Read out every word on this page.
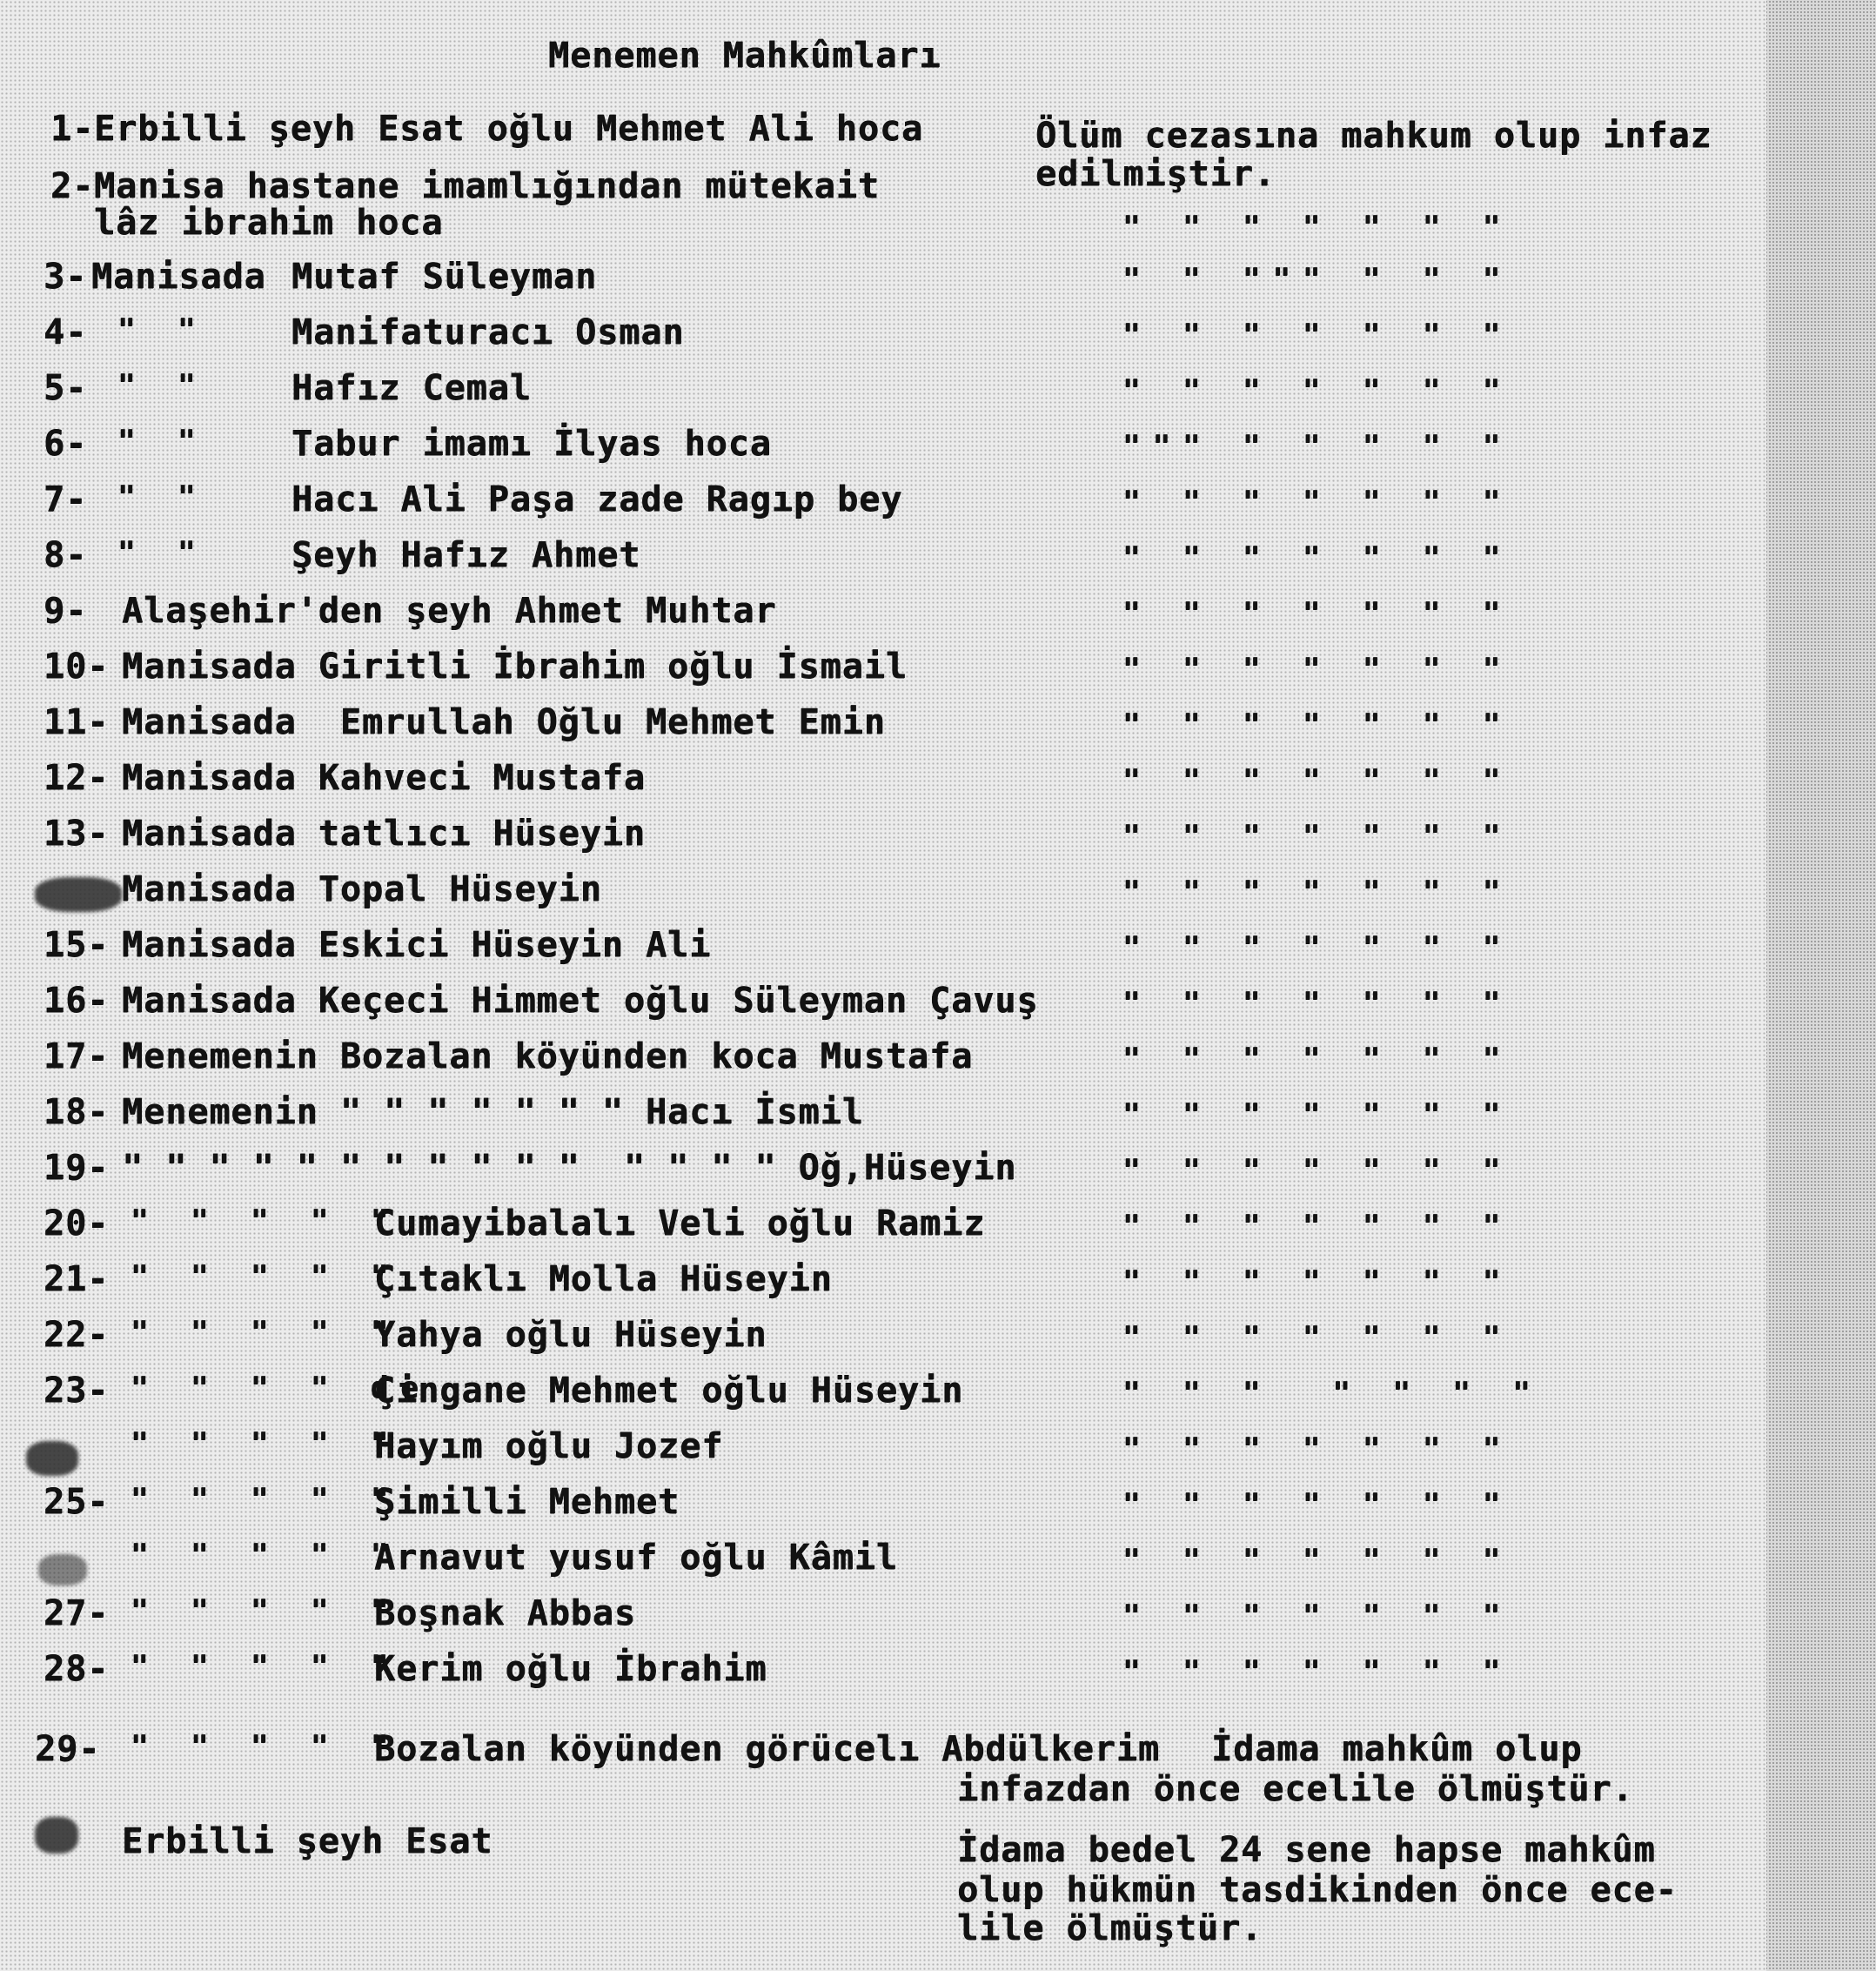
Menemen Mahkûmları
1- Erbilli şeyh Esat oğlu Mehmet Ali hoca	Ölüm cezasına mahkum olup infaz
edilmiştir.
2- Manisa hastane imamlığından mütekait
lâz ibrahim hoca	" " " " " " "
3- Manisada Mutaf Süleyman	" " """ " " "
4- " " Manifaturacı Osman	" " " " " " "
5- " " Hafız Cemal	" " " " " " "
6- " " Tabur imamı İlyas hoca	""" " " " " "
7- " " Hacı Ali Paşa zade Ragıp bey	" " " " " " "
8- " " Şeyh Hafız Ahmet	" " " " " " "
9- Alaşehir'den şeyh Ahmet Muhtar	" " " " " " "
10- Manisada Giritli İbrahim oğlu İsmail	" " " " " " "
11- Manisada  Emrullah Oğlu Mehmet Emin	" " " " " " "
12- Manisada Kahveci Mustafa	" " " " " " "
13- Manisada tatlıcı Hüseyin	" " " " " " "
Manisada Topal Hüseyin	" " " " " " "
15- Manisada Eskici Hüseyin Ali	" " " " " " "
16- Manisada Keçeci Himmet oğlu Süleyman Çavuş	" " " " " " "
17- Menemenin Bozalan köyünden koca Mustafa	" " " " " " "
18- Menemenin " " " " " " " Hacı İsmil	" " " " " " "
19- " " " " " " " " " " "  " " " " Oğ,Hüseyin	" " " " " " "
20- " " " " "
Cumayibalalı Veli oğlu Ramiz	" " " " " " "
21- " " " " "
Çıtaklı Molla Hüseyin	" " " " " " "
22- " " " " "
Yahya oğlu Hüseyin	" " " " " " "
23- " " " " de
Çingane Mehmet oğlu Hüseyin	" " "  " " " "
" " " " "
Hayım oğlu Jozef	" " " " " " "
25- " " " " "
Şimilli Mehmet	" " " " " " "
" " " " "
Arnavut yusuf oğlu Kâmil	" " " " " " "
27- " " " " "
Boşnak Abbas	" " " " " " "
28- " " " " "
Kerim oğlu İbrahim	" " " " " " "
29- " " " " "
Bozalan köyünden görücelı Abdülkerim İdama mahkûm olup
infazdan önce ecelile ölmüştür.
Erbilli şeyh Esat	İdama bedel 24 sene hapse mahkûm
olup hükmün tasdikinden önce ece-
lile ölmüştür.
